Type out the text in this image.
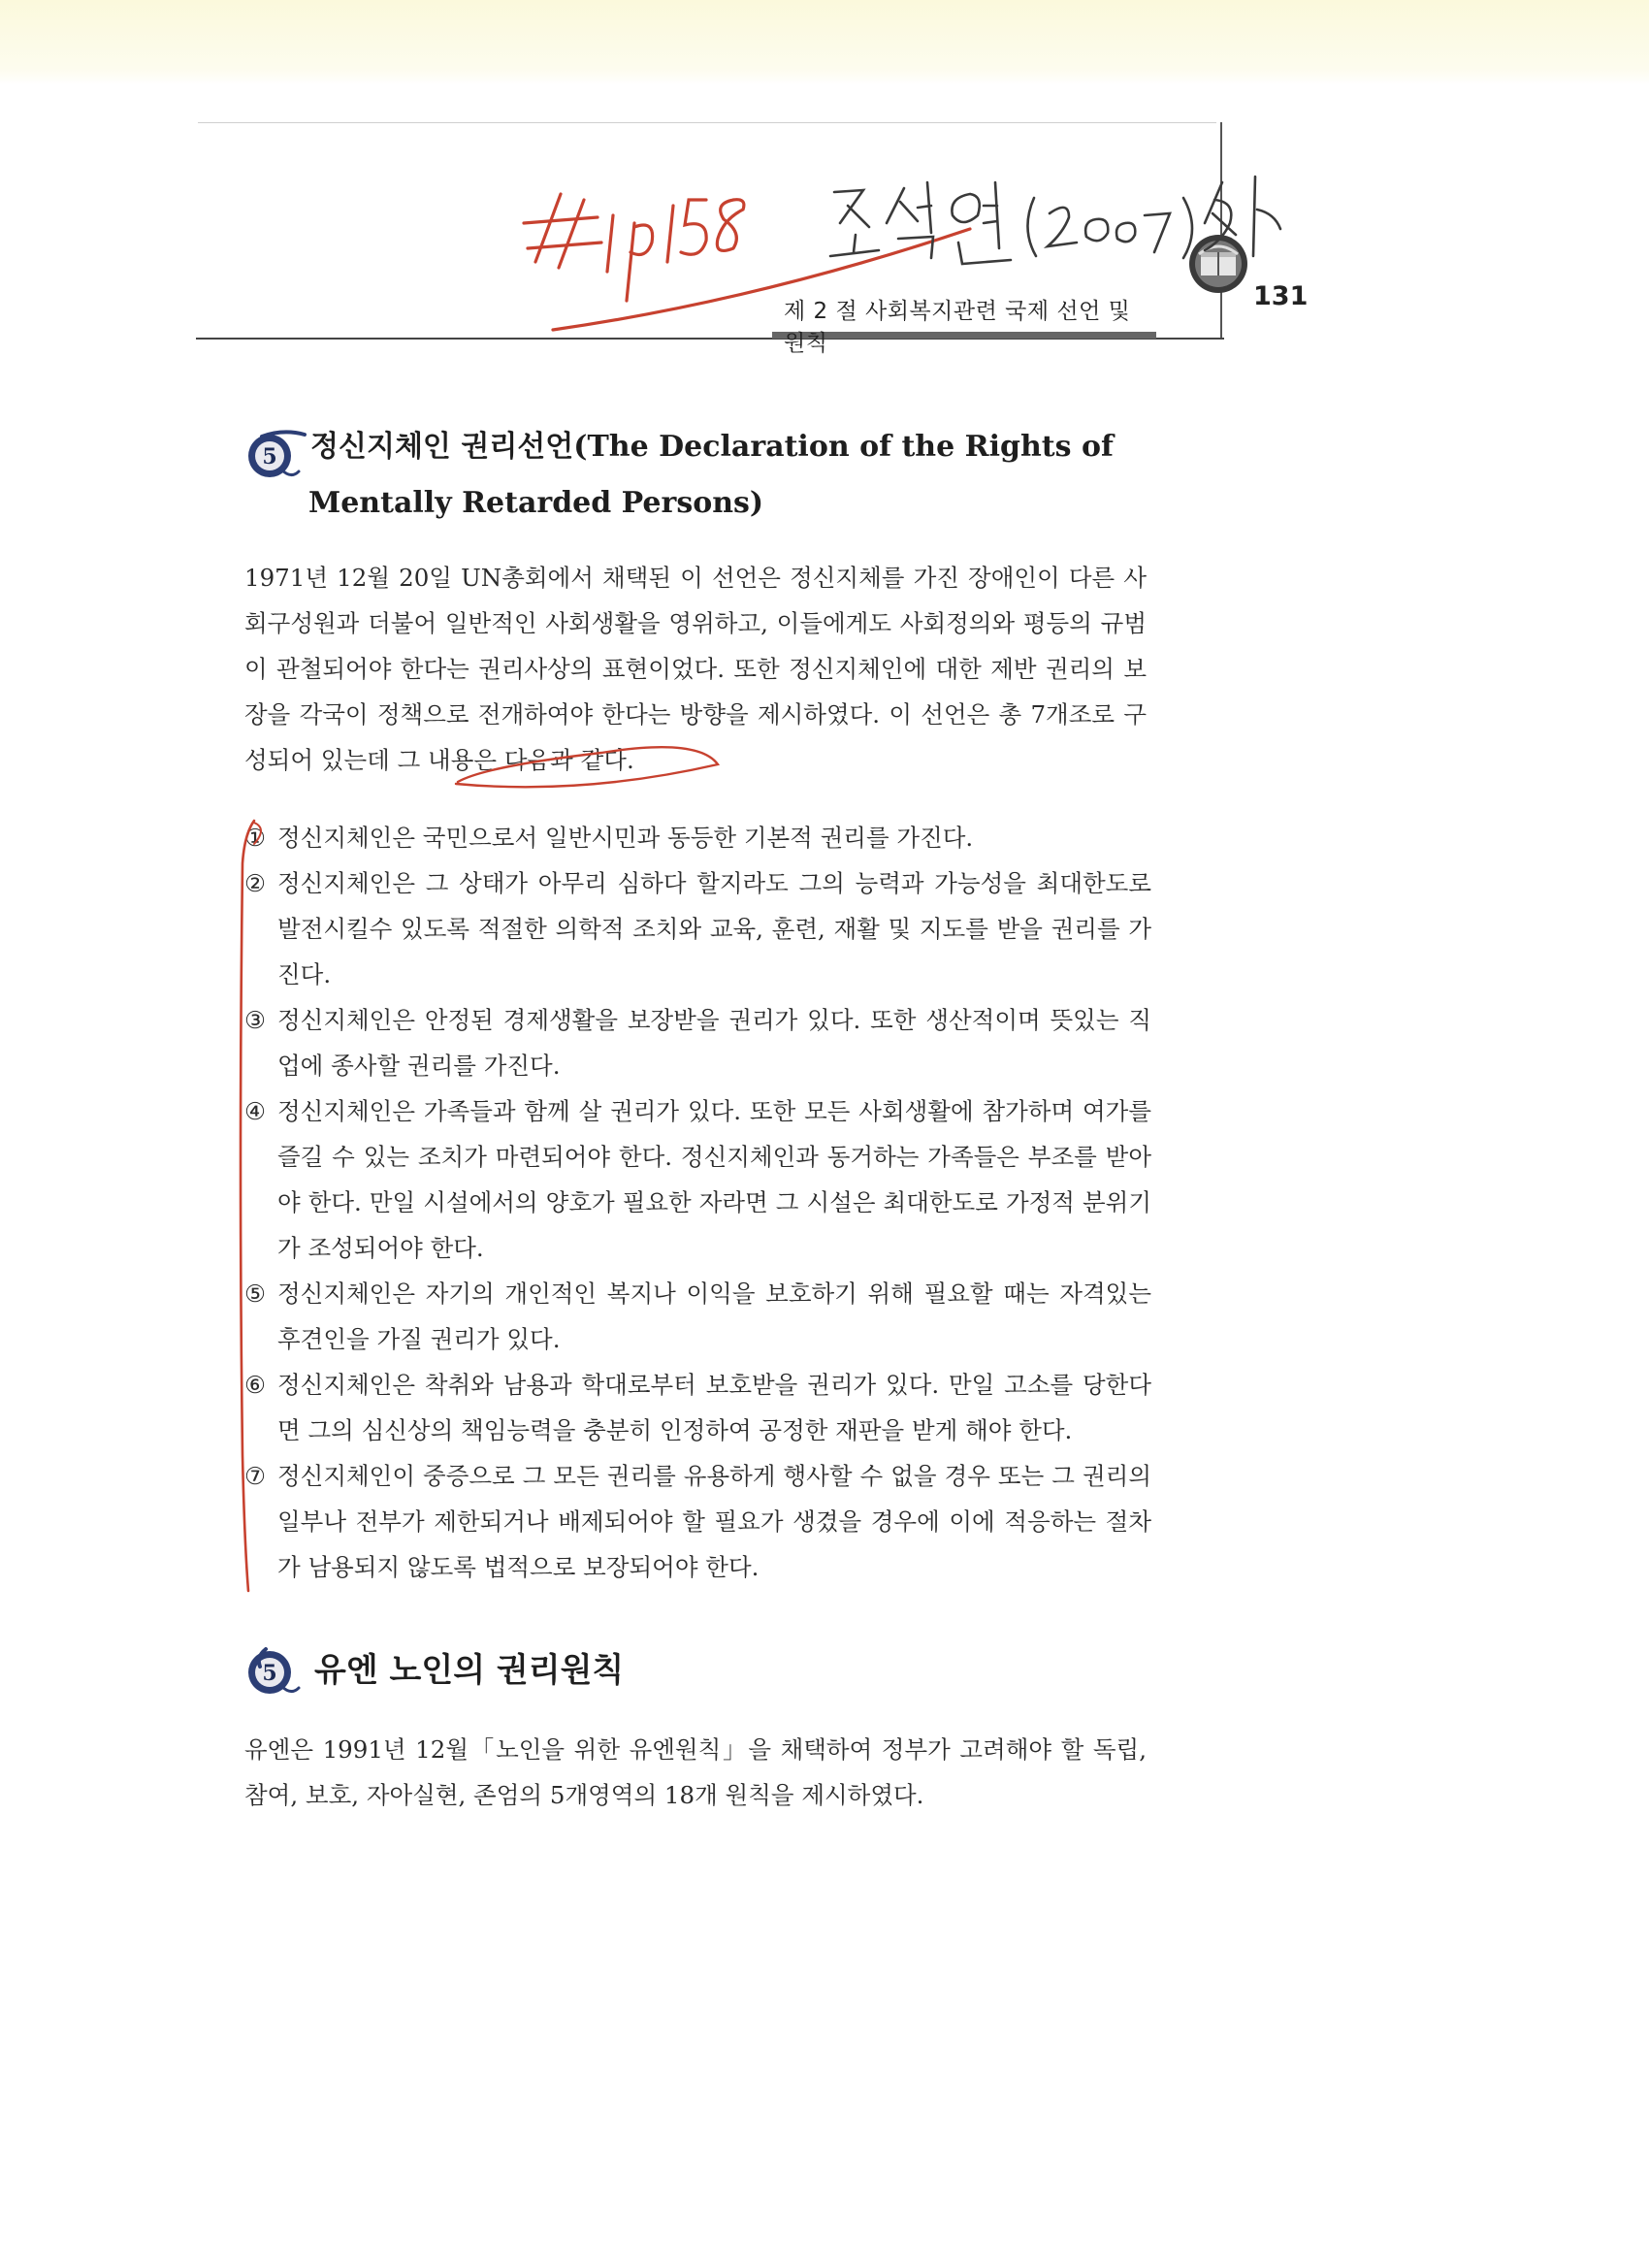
제 2 절 사회복지관련 국제 선언 및 원칙
131
5	정신지체인 권리선언(The Declaration of the Rights of
Mentally Retarded Persons)

1971년 12월 20일 UN총회에서 채택된 이 선언은 정신지체를 가진 장애인이 다른 사회구성원과 더불어 일반적인 사회생활을 영위하고, 이들에게도 사회정의와 평등의 규범이 관철되어야 한다는 권리사상의 표현이었다. 또한 정신지체인에 대한 제반 권리의 보장을 각국이 정책으로 전개하여야 한다는 방향을 제시하였다. 이 선언은 총 7개조로 구성되어 있는데 그 내용은 다음과 같다.

① 정신지체인은 국민으로서 일반시민과 동등한 기본적 권리를 가진다.
② 정신지체인은 그 상태가 아무리 심하다 할지라도 그의 능력과 가능성을 최대한도로 발전시킬수 있도록 적절한 의학적 조치와 교육, 훈련, 재활 및 지도를 받을 권리를 가진다.
③ 정신지체인은 안정된 경제생활을 보장받을 권리가 있다. 또한 생산적이며 뜻있는 직업에 종사할 권리를 가진다.
④ 정신지체인은 가족들과 함께 살 권리가 있다. 또한 모든 사회생활에 참가하며 여가를 즐길 수 있는 조치가 마련되어야 한다. 정신지체인과 동거하는 가족들은 부조를 받아야 한다. 만일 시설에서의 양호가 필요한 자라면 그 시설은 최대한도로 가정적 분위기가 조성되어야 한다.
⑤ 정신지체인은 자기의 개인적인 복지나 이익을 보호하기 위해 필요할 때는 자격있는 후견인을 가질 권리가 있다.
⑥ 정신지체인은 착취와 남용과 학대로부터 보호받을 권리가 있다. 만일 고소를 당한다면 그의 심신상의 책임능력을 충분히 인정하여 공정한 재판을 받게 해야 한다.
⑦ 정신지체인이 중증으로 그 모든 권리를 유용하게 행사할 수 없을 경우 또는 그 권리의 일부나 전부가 제한되거나 배제되어야 할 필요가 생겼을 경우에 이에 적응하는 절차가 남용되지 않도록 법적으로 보장되어야 한다.
5	유엔 노인의 권리원칙

유엔은 1991년 12월「노인을 위한 유엔원칙」을 채택하여 정부가 고려해야 할 독립, 참여, 보호, 자아실현, 존엄의 5개영역의 18개 원칙을 제시하였다.
